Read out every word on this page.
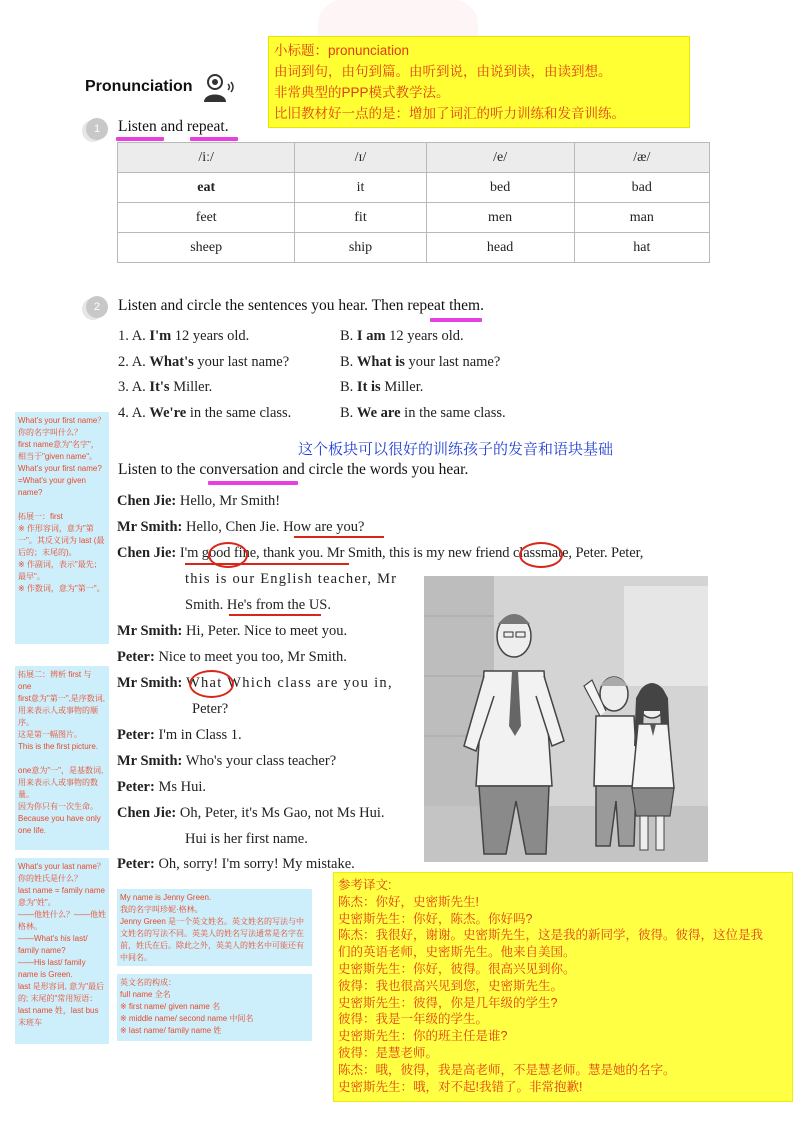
小标题：pronunciation
由词到句，由句到篇。由听到说，由说到读，由读到想。
非常典型的PPP模式教学法。
比旧教材好一点的是：增加了词汇的听力训练和发音训练。
Pronunciation
1	Listen and repeat.
/iː/	/ɪ/	/e/	/æ/
eat	it	bed	bad
feet	fit	men	man
sheep	ship	head	hat
2	Listen and circle the sentences you hear. Then repeat them.
1. A. I'm 12 years old.	B. I am 12 years old.
2. A. What's your last name?	B. What is your last name?
3. A. It's Miller.	B. It is Miller.
4. A. We're in the same class.	B. We are in the same class.
这个板块可以很好的训练孩子的发音和语块基础
What's your first name？你的名字叫什么？
first name意为"名字"，相当于"given name"。
What's your first name?
=What's your given name?

拓展一：first
※ 作形容词，意为"第一"。其反义词为 last (最后的；末尾的)。
※ 作副词，表示"最先；最早"。
※ 作数词，意为"第一"。
拓展二：辨析 first 与 one
first意为"第一",是序数词, 用来表示人或事物的顺序。
这是第一幅图片。
This is the first picture.

one意为"一"，是基数词, 用来表示人或事物的数量。
因为你只有一次生命。
Because you have only one life.
What's your last name？你的姓氏是什么？
last name = family name 意为"姓"。
——他姓什么？——他姓格林。
——What's his last/ family name?
——His last/ family name is Green.
last 是形容词, 意为"最后的; 末尾的"常用短语：last name 姓，last bus 末班车
My name is Jenny Green.
我的名字叫珍妮·格林。
Jenny Green 是一个英文姓名。英文姓名的写法与中文姓名的写法不同。英美人的姓名写法通常是名字在前，姓氏在后。除此之外，英美人的姓名中可能还有中间名。
英文名的构成：
full name 全名
※ first name/ given name 名
※ middle name/ second name 中间名
※ last name/ family name 姓
Listen to the conversation and circle the words you hear.
Chen Jie: Hello, Mr Smith!
Mr Smith: Hello, Chen Jie. How are you?
Chen Jie: I'm good fine, thank you. Mr Smith, this is my new friend classmate, Peter. Peter,
this is our English teacher, Mr
Smith. He's from the US.
Mr Smith: Hi, Peter. Nice to meet you.
Peter: Nice to meet you too, Mr Smith.
Mr Smith: What Which class are you in,
Peter?
Peter: I'm in Class 1.
Mr Smith: Who's your class teacher?
Peter: Ms Hui.
Chen Jie: Oh, Peter, it's Ms Gao, not Ms Hui.
Hui is her first name.
Peter: Oh, sorry! I'm sorry! My mistake.
参考译文:
陈杰：你好，史密斯先生!
史密斯先生：你好，陈杰。你好吗?
陈杰：我很好，谢谢。史密斯先生，这是我的新同学，彼得。彼得，这位是我
们的英语老师，史密斯先生。他来自美国。
史密斯先生：你好，彼得。很高兴见到你。
彼得：我也很高兴见到您，史密斯先生。
史密斯先生：彼得，你是几年级的学生?
彼得：我是一年级的学生。
史密斯先生：你的班主任是谁?
彼得：是慧老师。
陈杰：哦，彼得，我是高老师，不是慧老师。慧是她的名字。
史密斯先生：哦，对不起!我错了。非常抱歉!
